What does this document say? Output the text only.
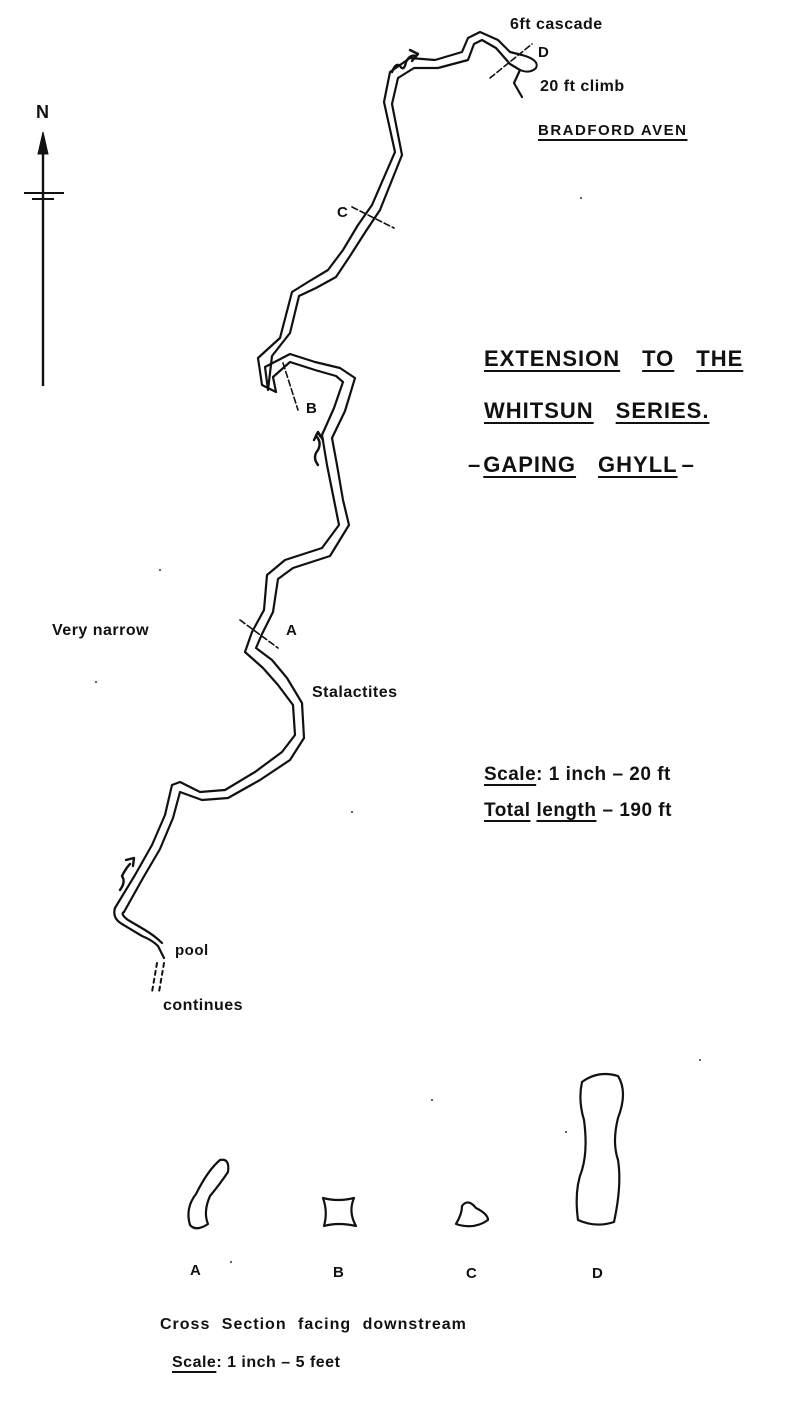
6ft cascade
D
20 ft climb
BRADFORD AVEN
C
B
Very narrow	A
Stalactites
pool
continues
N
EXTENSION TO THE
WHITSUN SERIES.
–GAPING GHYLL –
Scale: 1 inch – 20 ft
Total length – 190 ft
A	B	C	D
Cross Section facing downstream
Scale: 1 inch – 5 feet
